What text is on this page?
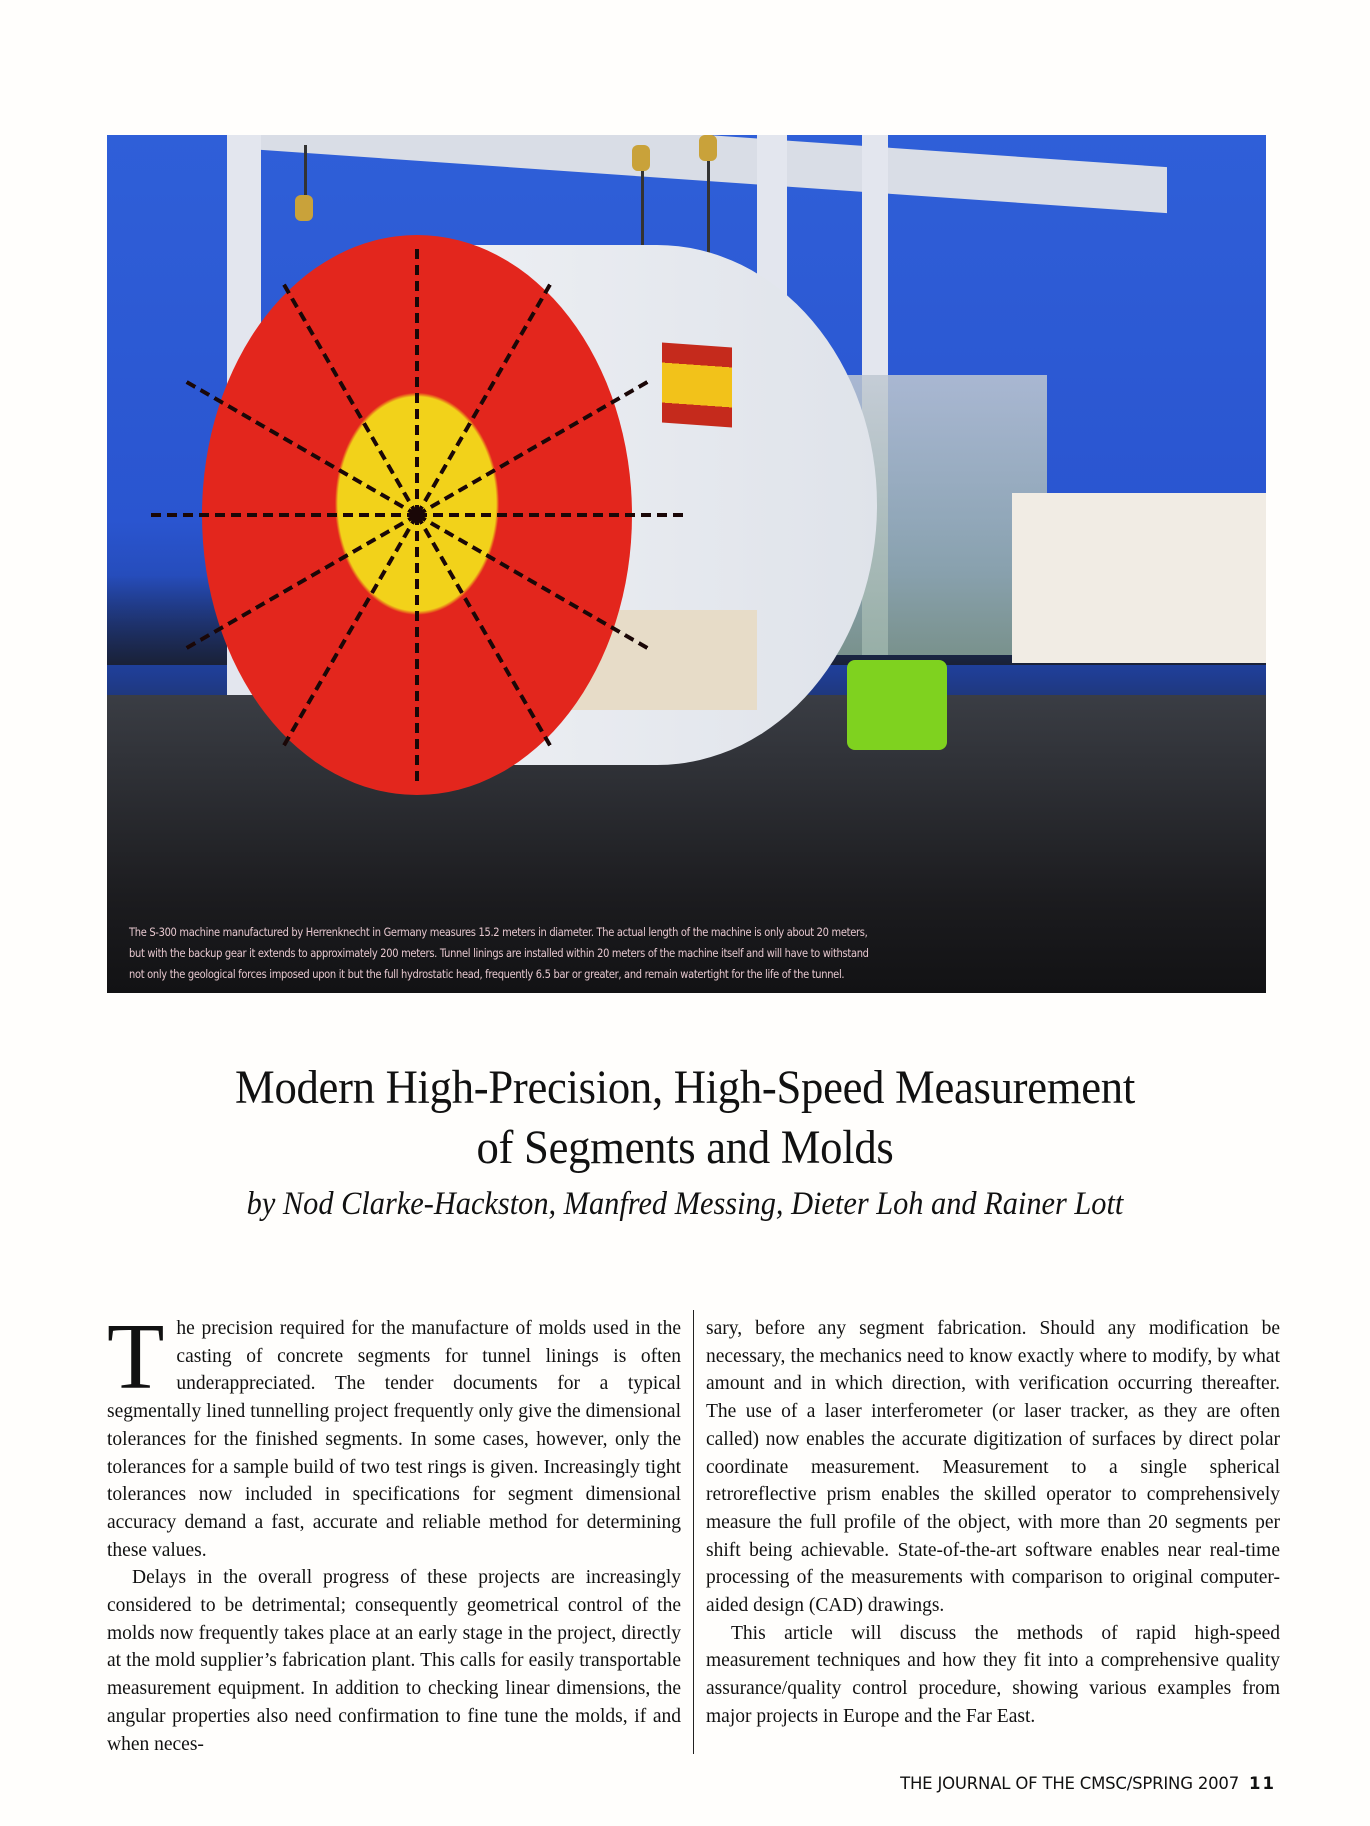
The S-300 machine manufactured by Herrenknecht in Germany measures 15.2 meters in diameter. The actual length of the machine is only about 20 meters,
but with the backup gear it extends to approximately 200 meters. Tunnel linings are installed within 20 meters of the machine itself and will have to withstand
not only the geological forces imposed upon it but the full hydrostatic head, frequently 6.5 bar or greater, and remain watertight for the life of the tunnel.
Modern High-Precision, High-Speed Measurement
of Segments and Molds
by Nod Clarke-Hackston, Manfred Messing, Dieter Loh and Rainer Lott

The precision required for the manufacture of molds used in the casting of concrete segments for tunnel linings is often underappreciated. The tender documents for a typical segmentally lined tunnelling project frequently only give the dimensional tolerances for the finished segments. In some cases, however, only the tolerances for a sample build of two test rings is given. Increasingly tight tolerances now included in specifications for segment dimensional accuracy demand a fast, accurate and reliable method for determining these values.

Delays in the overall progress of these projects are increasingly considered to be detrimental; consequently geometrical control of the molds now frequently takes place at an early stage in the project, directly at the mold supplier’s fabrication plant. This calls for easily transportable measurement equipment. In addition to checking linear dimensions, the angular properties also need confirmation to fine tune the molds, if and when neces-

sary, before any segment fabrication. Should any modification be necessary, the mechanics need to know exactly where to modify, by what amount and in which direction, with verification occurring thereafter. The use of a laser interferometer (or laser tracker, as they are often called) now enables the accurate digitization of surfaces by direct polar coordinate measurement. Measurement to a single spherical retroreflective prism enables the skilled operator to comprehensively measure the full profile of the object, with more than 20 segments per shift being achievable. State-of-the-art software enables near real-time processing of the measurements with comparison to original computer-aided design (CAD) drawings.

This article will discuss the methods of rapid high-speed measurement techniques and how they fit into a comprehensive quality assurance/quality control procedure, showing various examples from major projects in Europe and the Far East.

THE JOURNAL OF THE CMSC/SPRING 2007 11
